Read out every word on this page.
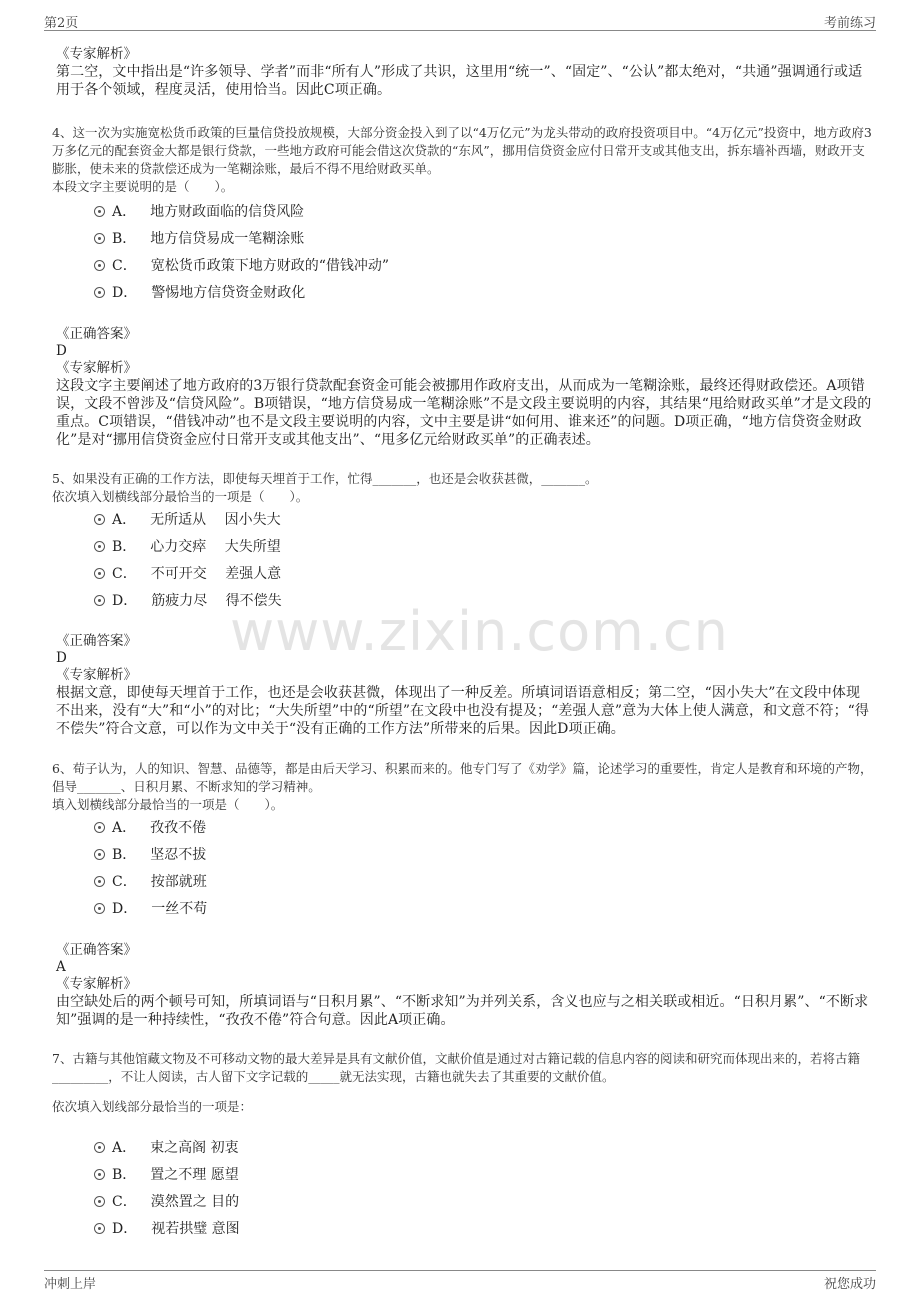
第2页	考前练习
www.zixin.com.cn
《专家解析》
第二空，文中指出是“许多领导、学者”而非“所有人”形成了共识，这里用“统一”、“固定”、“公认”都太绝对，“共通”强调通行或适用于各个领域，程度灵活，使用恰当。因此C项正确。
4、这一次为实施宽松货币政策的巨量信贷投放规模，大部分资金投入到了以“4万亿元”为龙头带动的政府投资项目中。“4万亿元”投资中，地方政府3万多亿元的配套资金大都是银行贷款，一些地方政府可能会借这次贷款的“东风”，挪用信贷资金应付日常开支或其他支出，拆东墙补西墙，财政开支膨胀，使未来的贷款偿还成为一笔糊涂账，最后不得不甩给财政买单。
本段文字主要说明的是（　　）。
A． 地方财政面临的信贷风险
B． 地方信贷易成一笔糊涂账
C． 宽松货币政策下地方财政的“借钱冲动”
D． 警惕地方信贷资金财政化
《正确答案》
D
《专家解析》
这段文字主要阐述了地方政府的3万银行贷款配套资金可能会被挪用作政府支出，从而成为一笔糊涂账，最终还得财政偿还。A项错误，文段不曾涉及“信贷风险”。B项错误，“地方信贷易成一笔糊涂账”不是文段主要说明的内容，其结果“甩给财政买单”才是文段的重点。C项错误，“借钱冲动”也不是文段主要说明的内容，文中主要是讲“如何用、谁来还”的问题。D项正确，“地方信贷资金财政化”是对“挪用信贷资金应付日常开支或其他支出”、“甩多亿元给财政买单”的正确表述。
5、如果没有正确的工作方法，即使每天埋首于工作，忙得_______，也还是会收获甚微，_______。
依次填入划横线部分最恰当的一项是（　　）。
A． 无所适从　 因小失大
B． 心力交瘁　 大失所望
C． 不可开交　 差强人意
D． 筋疲力尽　 得不偿失
《正确答案》
D
《专家解析》
根据文意，即使每天埋首于工作，也还是会收获甚微，体现出了一种反差。所填词语语意相反；第二空，“因小失大”在文段中体现不出来，没有“大”和“小”的对比；“大失所望”中的“所望”在文段中也没有提及；“差强人意”意为大体上使人满意，和文意不符；“得不偿失”符合文意，可以作为文中关于“没有正确的工作方法”所带来的后果。因此D项正确。
6、荀子认为，人的知识、智慧、品德等，都是由后天学习、积累而来的。他专门写了《劝学》篇，论述学习的重要性，肯定人是教育和环境的产物，倡导_______、日积月累、不断求知的学习精神。
填入划横线部分最恰当的一项是（　　）。
A． 孜孜不倦
B． 坚忍不拔
C． 按部就班
D． 一丝不苟
《正确答案》
A
《专家解析》
由空缺处后的两个顿号可知，所填词语与“日积月累”、“不断求知”为并列关系，含义也应与之相关联或相近。“日积月累”、“不断求知”强调的是一种持续性，“孜孜不倦”符合句意。因此A项正确。
7、古籍与其他馆藏文物及不可移动文物的最大差异是具有文献价值，文献价值是通过对古籍记载的信息内容的阅读和研究而体现出来的，若将古籍_________，不让人阅读，古人留下文字记载的_____就无法实现，古籍也就失去了其重要的文献价值。
依次填入划线部分最恰当的一项是：
A． 束之高阁 初衷
B． 置之不理 愿望
C． 漠然置之 目的
D． 视若拱璧 意图
冲刺上岸	祝您成功
